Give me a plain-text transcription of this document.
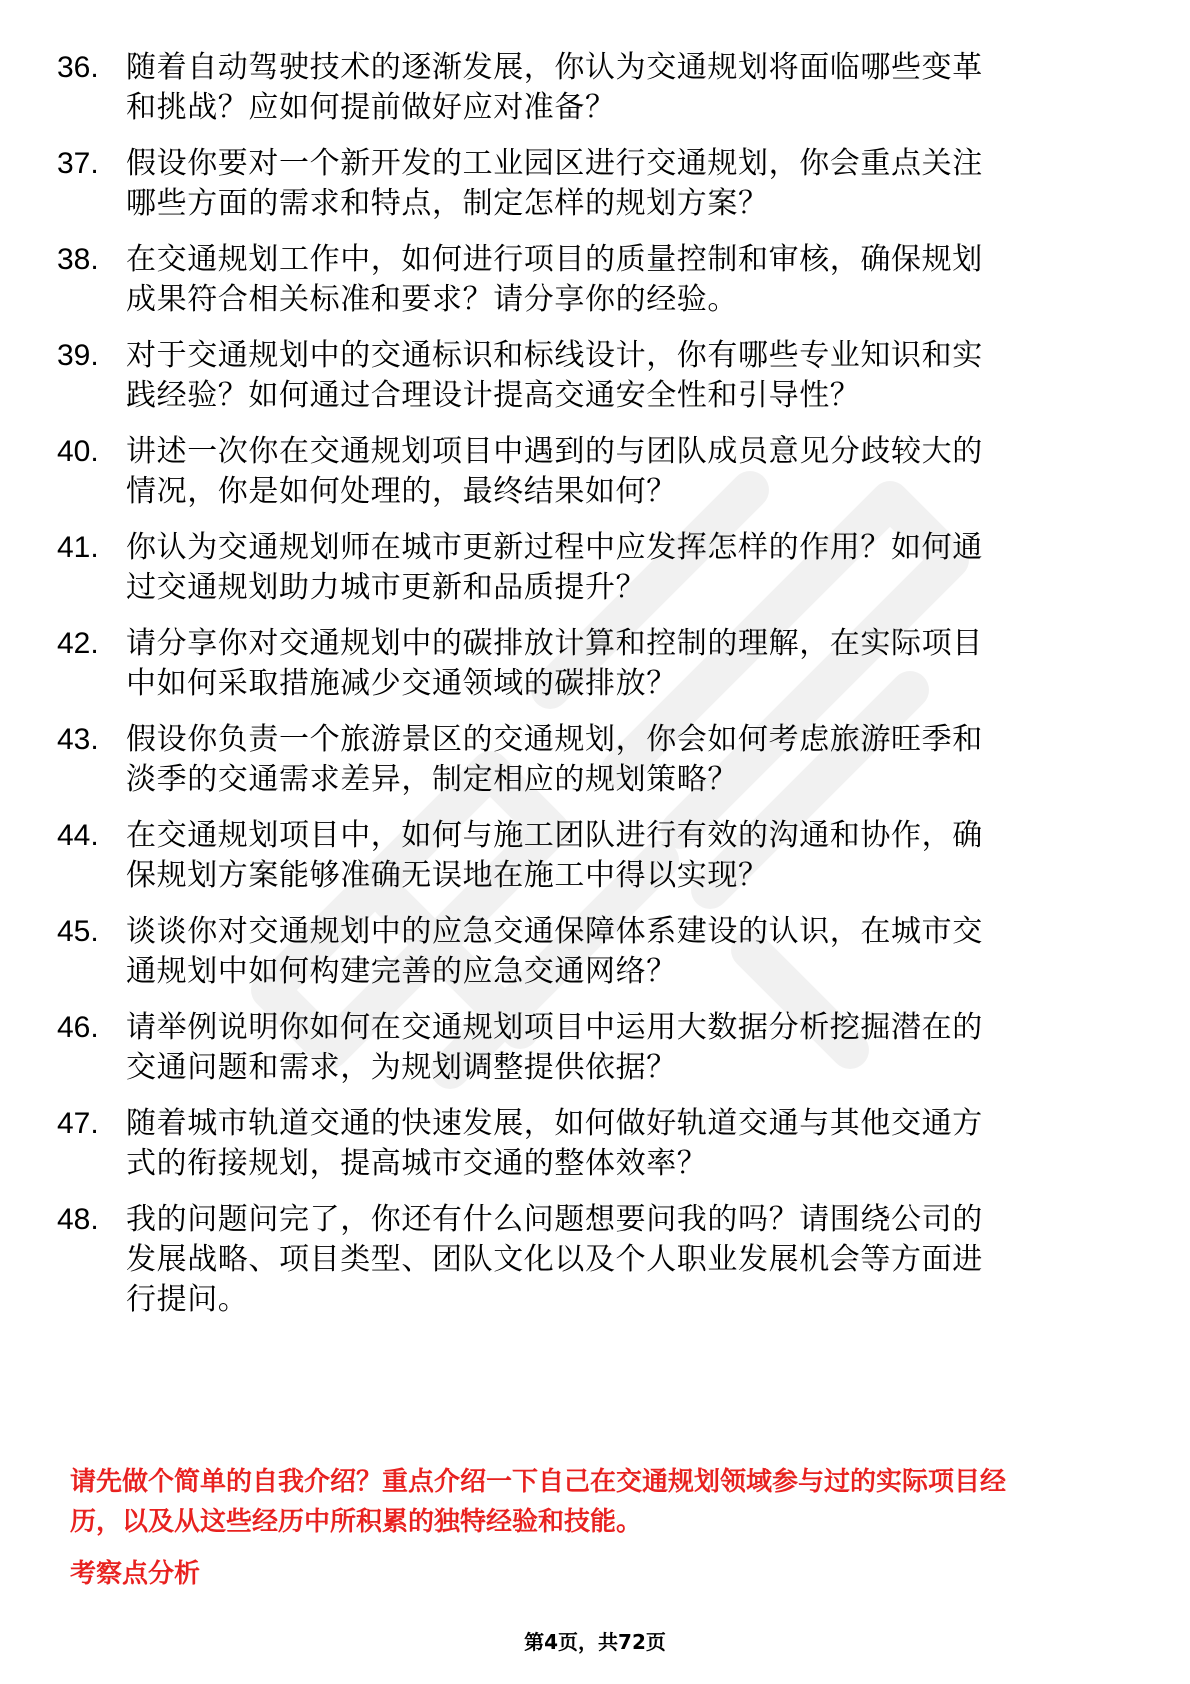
36. 随着自动驾驶技术的逐渐发展，你认为交通规划将面临哪些变革
和挑战？应如何提前做好应对准备？
37. 假设你要对一个新开发的工业园区进行交通规划，你会重点关注
哪些方面的需求和特点，制定怎样的规划方案？
38. 在交通规划工作中，如何进行项目的质量控制和审核，确保规划
成果符合相关标准和要求？请分享你的经验。
39. 对于交通规划中的交通标识和标线设计，你有哪些专业知识和实
践经验？如何通过合理设计提高交通安全性和引导性？
40. 讲述一次你在交通规划项目中遇到的与团队成员意见分歧较大的
情况，你是如何处理的，最终结果如何？
41. 你认为交通规划师在城市更新过程中应发挥怎样的作用？如何通
过交通规划助力城市更新和品质提升？
42. 请分享你对交通规划中的碳排放计算和控制的理解，在实际项目
中如何采取措施减少交通领域的碳排放？
43. 假设你负责一个旅游景区的交通规划，你会如何考虑旅游旺季和
淡季的交通需求差异，制定相应的规划策略？
44. 在交通规划项目中，如何与施工团队进行有效的沟通和协作，确
保规划方案能够准确无误地在施工中得以实现？
45. 谈谈你对交通规划中的应急交通保障体系建设的认识，在城市交
通规划中如何构建完善的应急交通网络？
46. 请举例说明你如何在交通规划项目中运用大数据分析挖掘潜在的
交通问题和需求，为规划调整提供依据？
47. 随着城市轨道交通的快速发展，如何做好轨道交通与其他交通方
式的衔接规划，提高城市交通的整体效率？
48. 我的问题问完了，你还有什么问题想要问我的吗？请围绕公司的
发展战略、项目类型、团队文化以及个人职业发展机会等方面进
行提问。
请先做个简单的自我介绍？重点介绍一下自己在交通规划领域参与过的实际项目经
历，以及从这些经历中所积累的独特经验和技能。
考察点分析
第4页，共72页
